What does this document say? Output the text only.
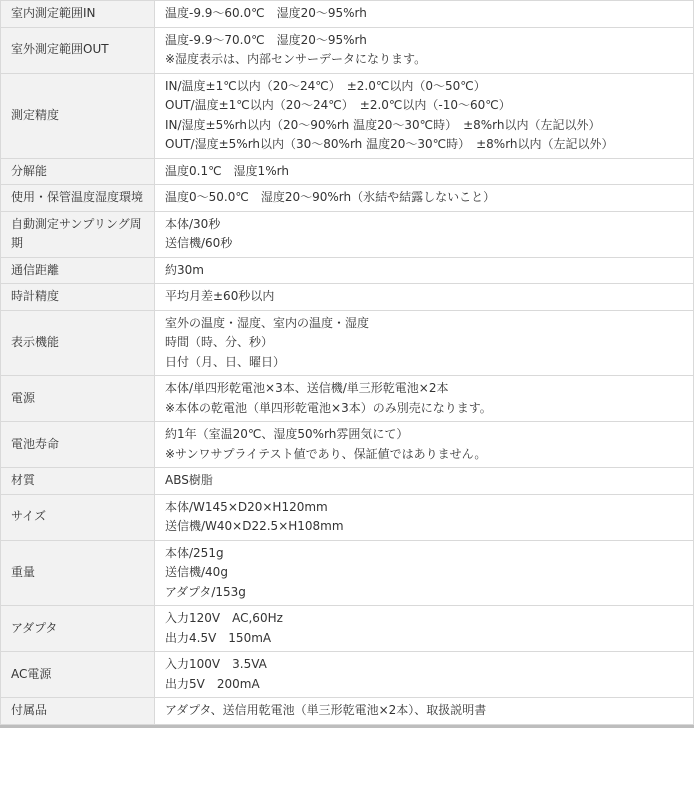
室内測定範囲IN	温度-9.9～60.0℃　湿度20～95%rh

室外測定範囲OUT	温度-9.9～70.0℃　湿度20～95%rh
※湿度表示は、内部センサーデータになります。

測定精度	IN/温度±1℃以内（20～24℃）　±2.0℃以内（0～50℃）
OUT/温度±1℃以内（20～24℃）　±2.0℃以内（-10～60℃）
IN/湿度±5%rh以内（20～90%rh 温度20～30℃時）　±8%rh以内（左記以外）
OUT/湿度±5%rh以内（30～80%rh 温度20～30℃時）　±8%rh以内（左記以外）

分解能	温度0.1℃　湿度1%rh

使用・保管温度湿度環境	温度0～50.0℃　湿度20～90%rh（氷結や結露しないこと）

自動測定サンプリング周期	本体/30秒
送信機/60秒

通信距離	約30m

時計精度	平均月差±60秒以内

表示機能	室外の温度・湿度、室内の温度・湿度
時間（時、分、秒）
日付（月、日、曜日）

電源	本体/単四形乾電池×3本、送信機/単三形乾電池×2本
※本体の乾電池（単四形乾電池×3本）のみ別売になります。

電池寿命	約1年（室温20℃、湿度50%rh雰囲気にて）
※サンワサプライテスト値であり、保証値ではありません。

材質	ABS樹脂

サイズ	本体/W145×D20×H120mm
送信機/W40×D22.5×H108mm

重量	本体/251g
送信機/40g
アダプタ/153g

アダプタ	入力120V　AC,60Hz
出力4.5V　150mA

AC電源	入力100V　3.5VA
出力5V　200mA

付属品	アダプタ、送信用乾電池（単三形乾電池×2本）、取扱説明書
